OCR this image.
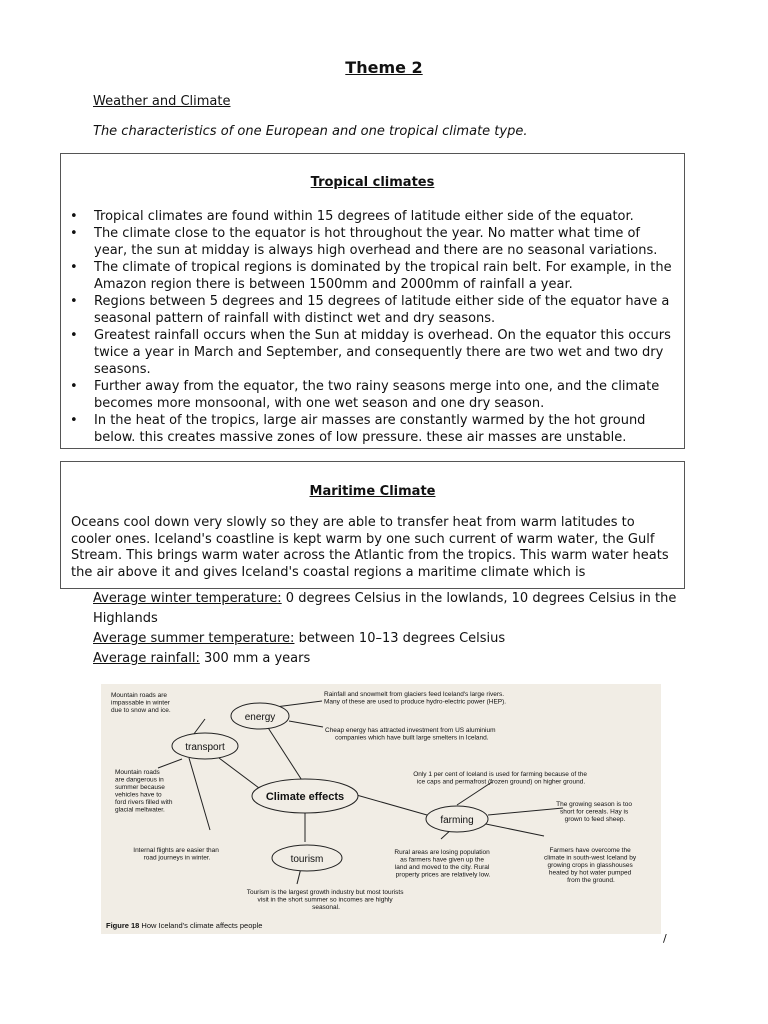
Theme 2
Weather and Climate
The characteristics of one European and one tropical climate type.
Tropical climates
• Tropical climates are found within 15 degrees of latitude either side of the equator.
• The climate close to the equator is hot throughout the year. No matter what time of year, the sun at midday is always high overhead and there are no seasonal variations.
• The climate of tropical regions is dominated by the tropical rain belt. For example, in the Amazon region there is between 1500mm and 2000mm of rainfall a year.
• Regions between 5 degrees and 15 degrees of latitude either side of the equator have a seasonal pattern of rainfall with distinct wet and dry seasons.
• Greatest rainfall occurs when the Sun at midday is overhead. On the equator this occurs twice a year in March and September, and consequently there are two wet and two dry seasons.
• Further away from the equator, the two rainy seasons merge into one, and the climate becomes more monsoonal, with one wet season and one dry season.
• In the heat of the tropics, large air masses are constantly warmed by the hot ground below. this creates massive zones of low pressure. these air masses are unstable.
Maritime Climate
Oceans cool down very slowly so they are able to transfer heat from warm latitudes to cooler ones. Iceland's coastline is kept warm by one such current of warm water, the Gulf Stream. This brings warm water across the Atlantic from the tropics. This warm water heats the air above it and gives Iceland's coastal regions a maritime climate which is
Average winter temperature: 0 degrees Celsius in the lowlands, 10 degrees Celsius in the Highlands
Average summer temperature: between 10–13 degrees Celsius
Average rainfall: 300 mm a years
energy
transport
Climate effects
farming
tourism
Mountain roads are impassable in winter due to snow and ice.
Rainfall and snowmelt from glaciers feed Iceland's large rivers. Many of these are used to produce hydro-electric power (HEP).
Cheap energy has attracted investment from US aluminium companies which have built large smelters in Iceland.
Mountain roads are dangerous in summer because vehicles have to ford rivers filled with glacial meltwater.
Only 1 per cent of Iceland is used for farming because of the ice caps and permafrost (frozen ground) on higher ground.
The growing season is too short for cereals. Hay is grown to feed sheep.
Internal flights are easier than road journeys in winter.
Rural areas are losing population as farmers have given up the land and moved to the city. Rural property prices are relatively low.
Farmers have overcome the climate in south-west Iceland by growing crops in glasshouses heated by hot water pumped from the ground.
Tourism is the largest growth industry but most tourists visit in the short summer so incomes are highly seasonal.
Figure 18 How Iceland's climate affects people
/
